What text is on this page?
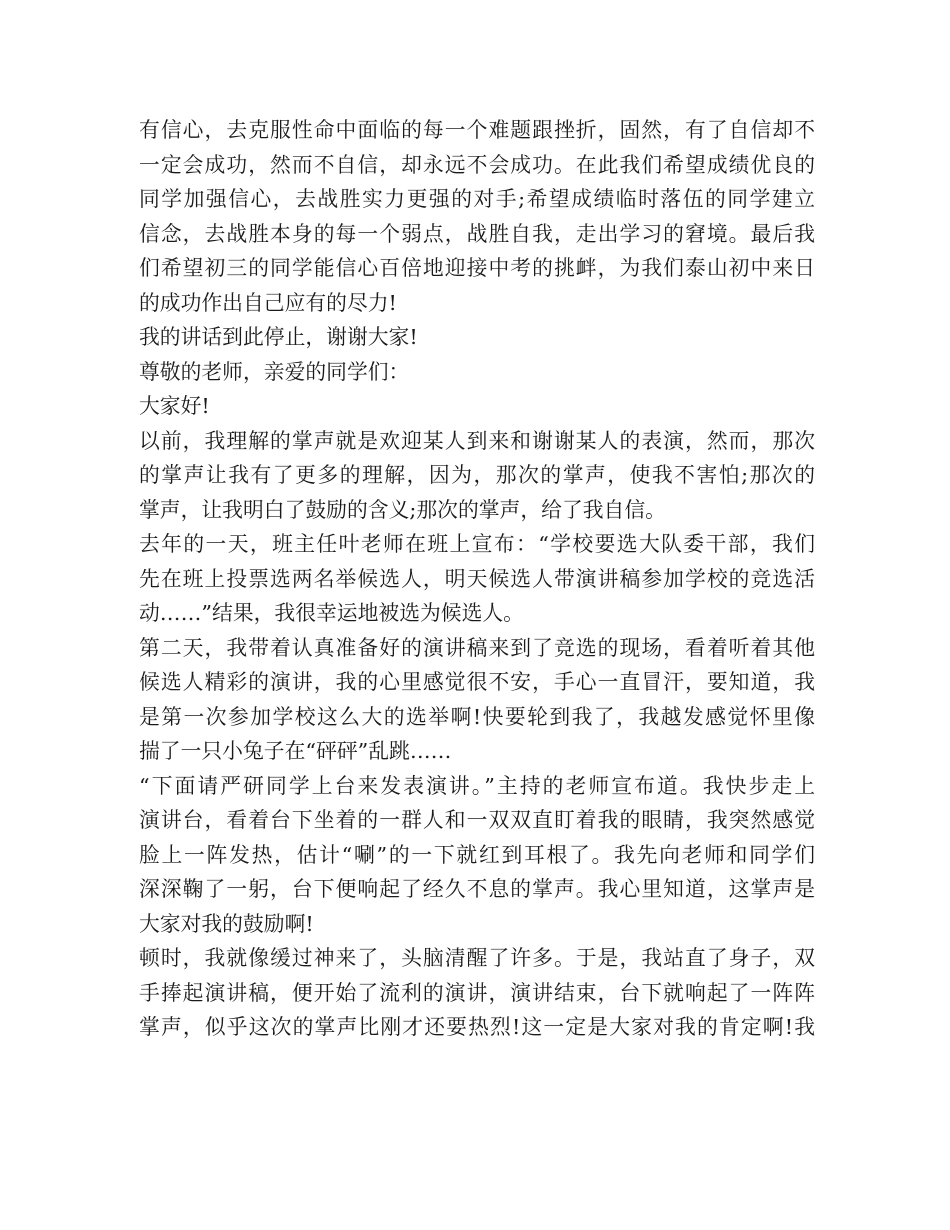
有信心，去克服性命中面临的每一个难题跟挫折，固然，有了自信却不
一定会成功，然而不自信，却永远不会成功。在此我们希望成绩优良的
同学加强信心，去战胜实力更强的对手;希望成绩临时落伍的同学建立
信念，去战胜本身的每一个弱点，战胜自我，走出学习的窘境。最后我
们希望初三的同学能信心百倍地迎接中考的挑衅，为我们泰山初中来日
的成功作出自己应有的尽力!
我的讲话到此停止，谢谢大家!
尊敬的老师，亲爱的同学们：
大家好!
以前，我理解的掌声就是欢迎某人到来和谢谢某人的表演，然而，那次
的掌声让我有了更多的理解，因为，那次的掌声，使我不害怕;那次的
掌声，让我明白了鼓励的含义;那次的掌声，给了我自信。
去年的一天，班主任叶老师在班上宣布：“学校要选大队委干部，我们
先在班上投票选两名举候选人，明天候选人带演讲稿参加学校的竞选活
动……”结果，我很幸运地被选为候选人。
第二天，我带着认真准备好的演讲稿来到了竞选的现场，看着听着其他
候选人精彩的演讲，我的心里感觉很不安，手心一直冒汗，要知道，我
是第一次参加学校这么大的选举啊!快要轮到我了，我越发感觉怀里像
揣了一只小兔子在“砰砰”乱跳……
“下面请严研同学上台来发表演讲。”主持的老师宣布道。我快步走上
演讲台，看着台下坐着的一群人和一双双直盯着我的眼睛，我突然感觉
脸上一阵发热，估计“唰”的一下就红到耳根了。我先向老师和同学们
深深鞠了一躬，台下便响起了经久不息的掌声。我心里知道，这掌声是
大家对我的鼓励啊!
顿时，我就像缓过神来了，头脑清醒了许多。于是，我站直了身子，双
手捧起演讲稿，便开始了流利的演讲，演讲结束，台下就响起了一阵阵
掌声，似乎这次的掌声比刚才还要热烈!这一定是大家对我的肯定啊!我
